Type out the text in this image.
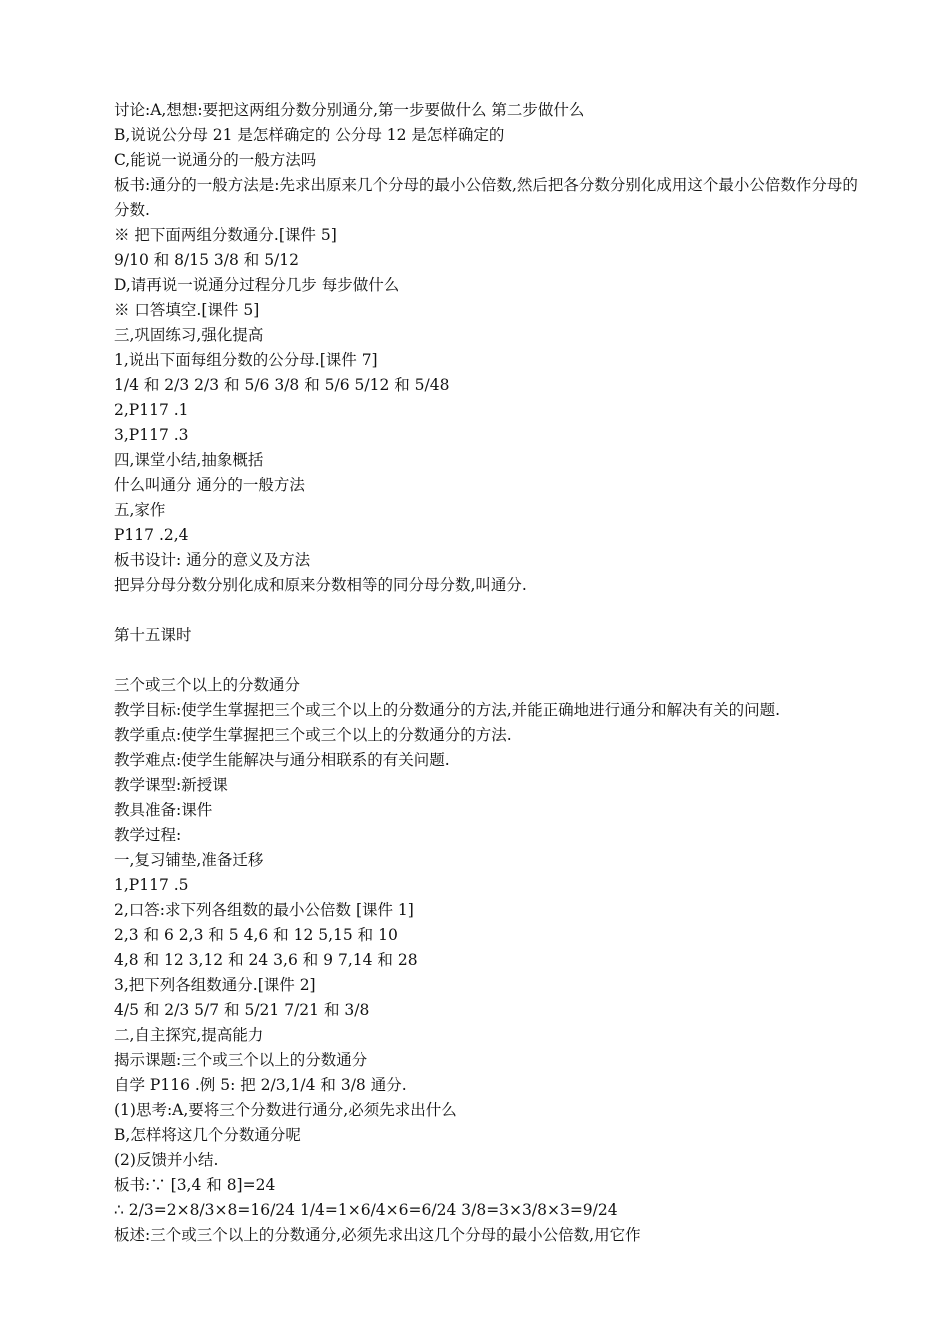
讨论:A,想想:要把这两组分数分别通分,第一步要做什么 第二步做什么
B,说说公分母 21 是怎样确定的 公分母 12 是怎样确定的
C,能说一说通分的一般方法吗
板书:通分的一般方法是:先求出原来几个分母的最小公倍数,然后把各分数分别化成用这个最小公倍数作分母的分数.
※ 把下面两组分数通分.[课件 5]
9/10 和 8/15 3/8 和 5/12
D,请再说一说通分过程分几步 每步做什么
※ 口答填空.[课件 5]
三,巩固练习,强化提高
1,说出下面每组分数的公分母.[课件 7]
1/4 和 2/3 2/3 和 5/6 3/8 和 5/6 5/12 和 5/48
2,P117 .1
3,P117 .3
四,课堂小结,抽象概括
什么叫通分 通分的一般方法
五,家作
P117 .2,4
板书设计: 通分的意义及方法
把异分母分数分别化成和原来分数相等的同分母分数,叫通分.
第十五课时
三个或三个以上的分数通分
教学目标:使学生掌握把三个或三个以上的分数通分的方法,并能正确地进行通分和解决有关的问题.
教学重点:使学生掌握把三个或三个以上的分数通分的方法.
教学难点:使学生能解决与通分相联系的有关问题.
教学课型:新授课
教具准备:课件
教学过程:
一,复习铺垫,准备迁移
1,P117 .5
2,口答:求下列各组数的最小公倍数 [课件 1]
2,3 和 6 2,3 和 5 4,6 和 12 5,15 和 10
4,8 和 12 3,12 和 24 3,6 和 9 7,14 和 28
3,把下列各组数通分.[课件 2]
4/5 和 2/3 5/7 和 5/21 7/21 和 3/8
二,自主探究,提高能力
揭示课题:三个或三个以上的分数通分
自学 P116 .例 5: 把 2/3,1/4 和 3/8 通分.
(1)思考:A,要将三个分数进行通分,必须先求出什么
B,怎样将这几个分数通分呢
(2)反馈并小结.
板书:∵ [3,4 和 8]=24
∴ 2/3=2×8/3×8=16/24 1/4=1×6/4×6=6/24 3/8=3×3/8×3=9/24
板述:三个或三个以上的分数通分,必须先求出这几个分母的最小公倍数,用它作
